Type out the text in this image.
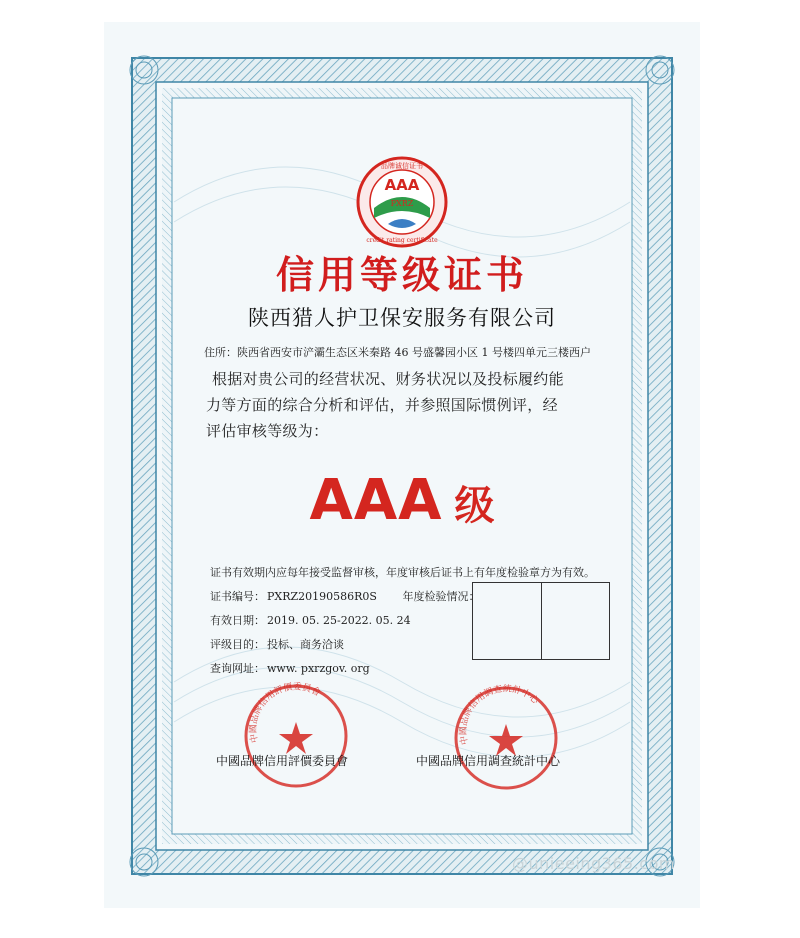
AAA
PXRZ
品牌诚信证书
credit rating certificate
信用等级证书
陕西猎人护卫保安服务有限公司
住所：陕西省西安市浐灞生态区米秦路 46 号盛馨园小区 1 号楼四单元三楼西户
根据对贵公司的经营状况、财务状况以及投标履约能
力等方面的综合分析和评估，并参照国际惯例评，经
评估审核等级为：
AAA 级
证书有效期内应每年接受监督审核，年度审核后证书上有年度检验章方为有效。
证书编号： PXRZ20190586R0S 年度检验情况：
有效日期： 2019. 05. 25-2022. 05. 24
评级目的： 投标、商务洽谈
查询网址： www. pxrzgov. org
中國品牌信用評價委員會
中國品牌信用調查統計中心
中國品牌信用評價委員會	中國品牌信用調查統計中心
@unieeing365.com
